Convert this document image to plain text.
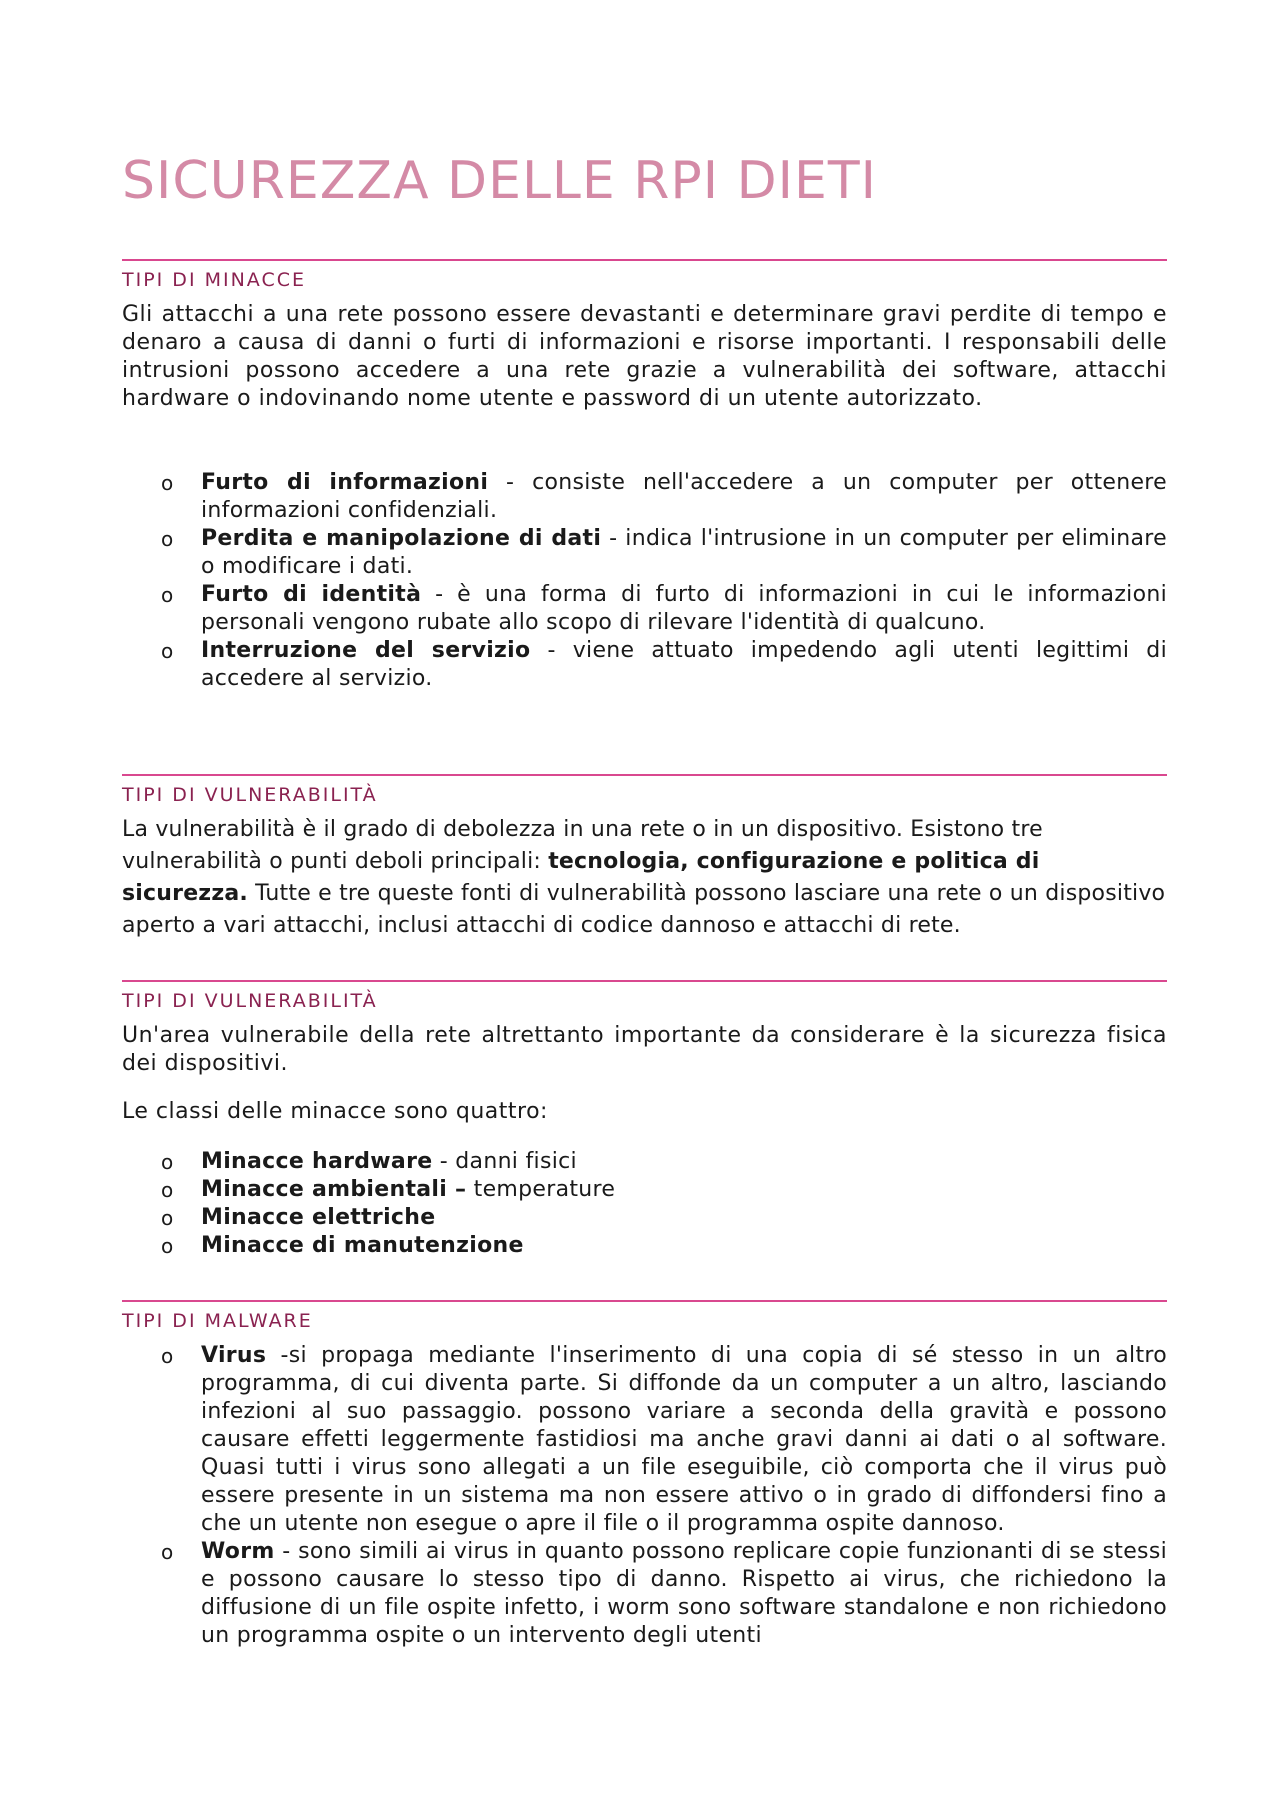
SICUREZZA DELLE RPI DIETI
TIPI DI MINACCE

Gli attacchi a una rete possono essere devastanti e determinare gravi perdite di tempo e denaro a causa di danni o furti di informazioni e risorse importanti. I responsabili delle intrusioni possono accedere a una rete grazie a vulnerabilità dei software, attacchi hardware o indovinando nome utente e password di un utente autorizzato.

o Furto di informazioni - consiste nell'accedere a un computer per ottenere informazioni confidenziali.
o Perdita e manipolazione di dati - indica l'intrusione in un computer per eliminare o modificare i dati.
o Furto di identità - è una forma di furto di informazioni in cui le informazioni personali vengono rubate allo scopo di rilevare l'identità di qualcuno.
o Interruzione del servizio - viene attuato impedendo agli utenti legittimi di accedere al servizio.
TIPI DI VULNERABILITÀ

La vulnerabilità è il grado di debolezza in una rete o in un dispositivo. Esistono tre vulnerabilità o punti deboli principali: tecnologia, configurazione e politica di sicurezza. Tutte e tre queste fonti di vulnerabilità possono lasciare una rete o un dispositivo aperto a vari attacchi, inclusi attacchi di codice dannoso e attacchi di rete.

TIPI DI VULNERABILITÀ

Un'area vulnerabile della rete altrettanto importante da considerare è la sicurezza fisica dei dispositivi.

Le classi delle minacce sono quattro:

o Minacce hardware - danni fisici
o Minacce ambientali – temperature
o Minacce elettriche
o Minacce di manutenzione
TIPI DI MALWARE
o Virus -si propaga mediante l'inserimento di una copia di sé stesso in un altro programma, di cui diventa parte. Si diffonde da un computer a un altro, lasciando infezioni al suo passaggio. possono variare a seconda della gravità e possono causare effetti leggermente fastidiosi ma anche gravi danni ai dati o al software. Quasi tutti i virus sono allegati a un file eseguibile, ciò comporta che il virus può essere presente in un sistema ma non essere attivo o in grado di diffondersi fino a che un utente non esegue o apre il file o il programma ospite dannoso.
o Worm - sono simili ai virus in quanto possono replicare copie funzionanti di se stessi e possono causare lo stesso tipo di danno. Rispetto ai virus, che richiedono la diffusione di un file ospite infetto, i worm sono software standalone e non richiedono un programma ospite o un intervento degli utenti
